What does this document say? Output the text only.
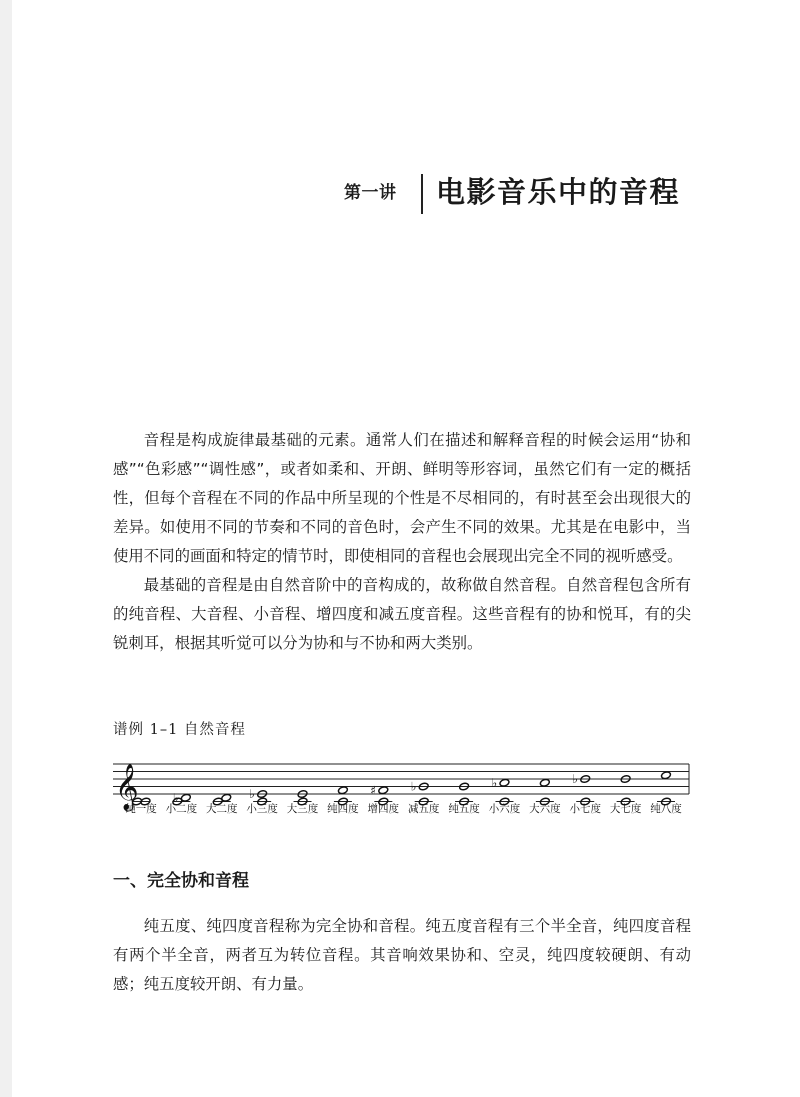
第一讲 电影音乐中的音程

音程是构成旋律最基础的元素。通常人们在描述和解释音程的时候会运用“协和感”“色彩感”“调性感”，或者如柔和、开朗、鲜明等形容词，虽然它们有一定的概括性，但每个音程在不同的作品中所呈现的个性是不尽相同的，有时甚至会出现很大的差异。如使用不同的节奏和不同的音色时，会产生不同的效果。尤其是在电影中，当使用不同的画面和特定的情节时，即使相同的音程也会展现出完全不同的视听感受。

最基础的音程是由自然音阶中的音构成的，故称做自然音程。自然音程包含所有的纯音程、大音程、小音程、增四度和减五度音程。这些音程有的协和悦耳，有的尖锐刺耳，根据其听觉可以分为协和与不协和两大类别。

谱例 1–1 自然音程
𝄞
纯一度
♭
小二度 大二度
♭
小三度 大三度 纯四度
♯
增四度
♭
减五度 纯五度
♭
小六度 大六度
♭
小七度 大七度 纯八度
一、完全协和音程

纯五度、纯四度音程称为完全协和音程。纯五度音程有三个半全音，纯四度音程有两个半全音，两者互为转位音程。其音响效果协和、空灵，纯四度较硬朗、有动感；纯五度较开朗、有力量。
